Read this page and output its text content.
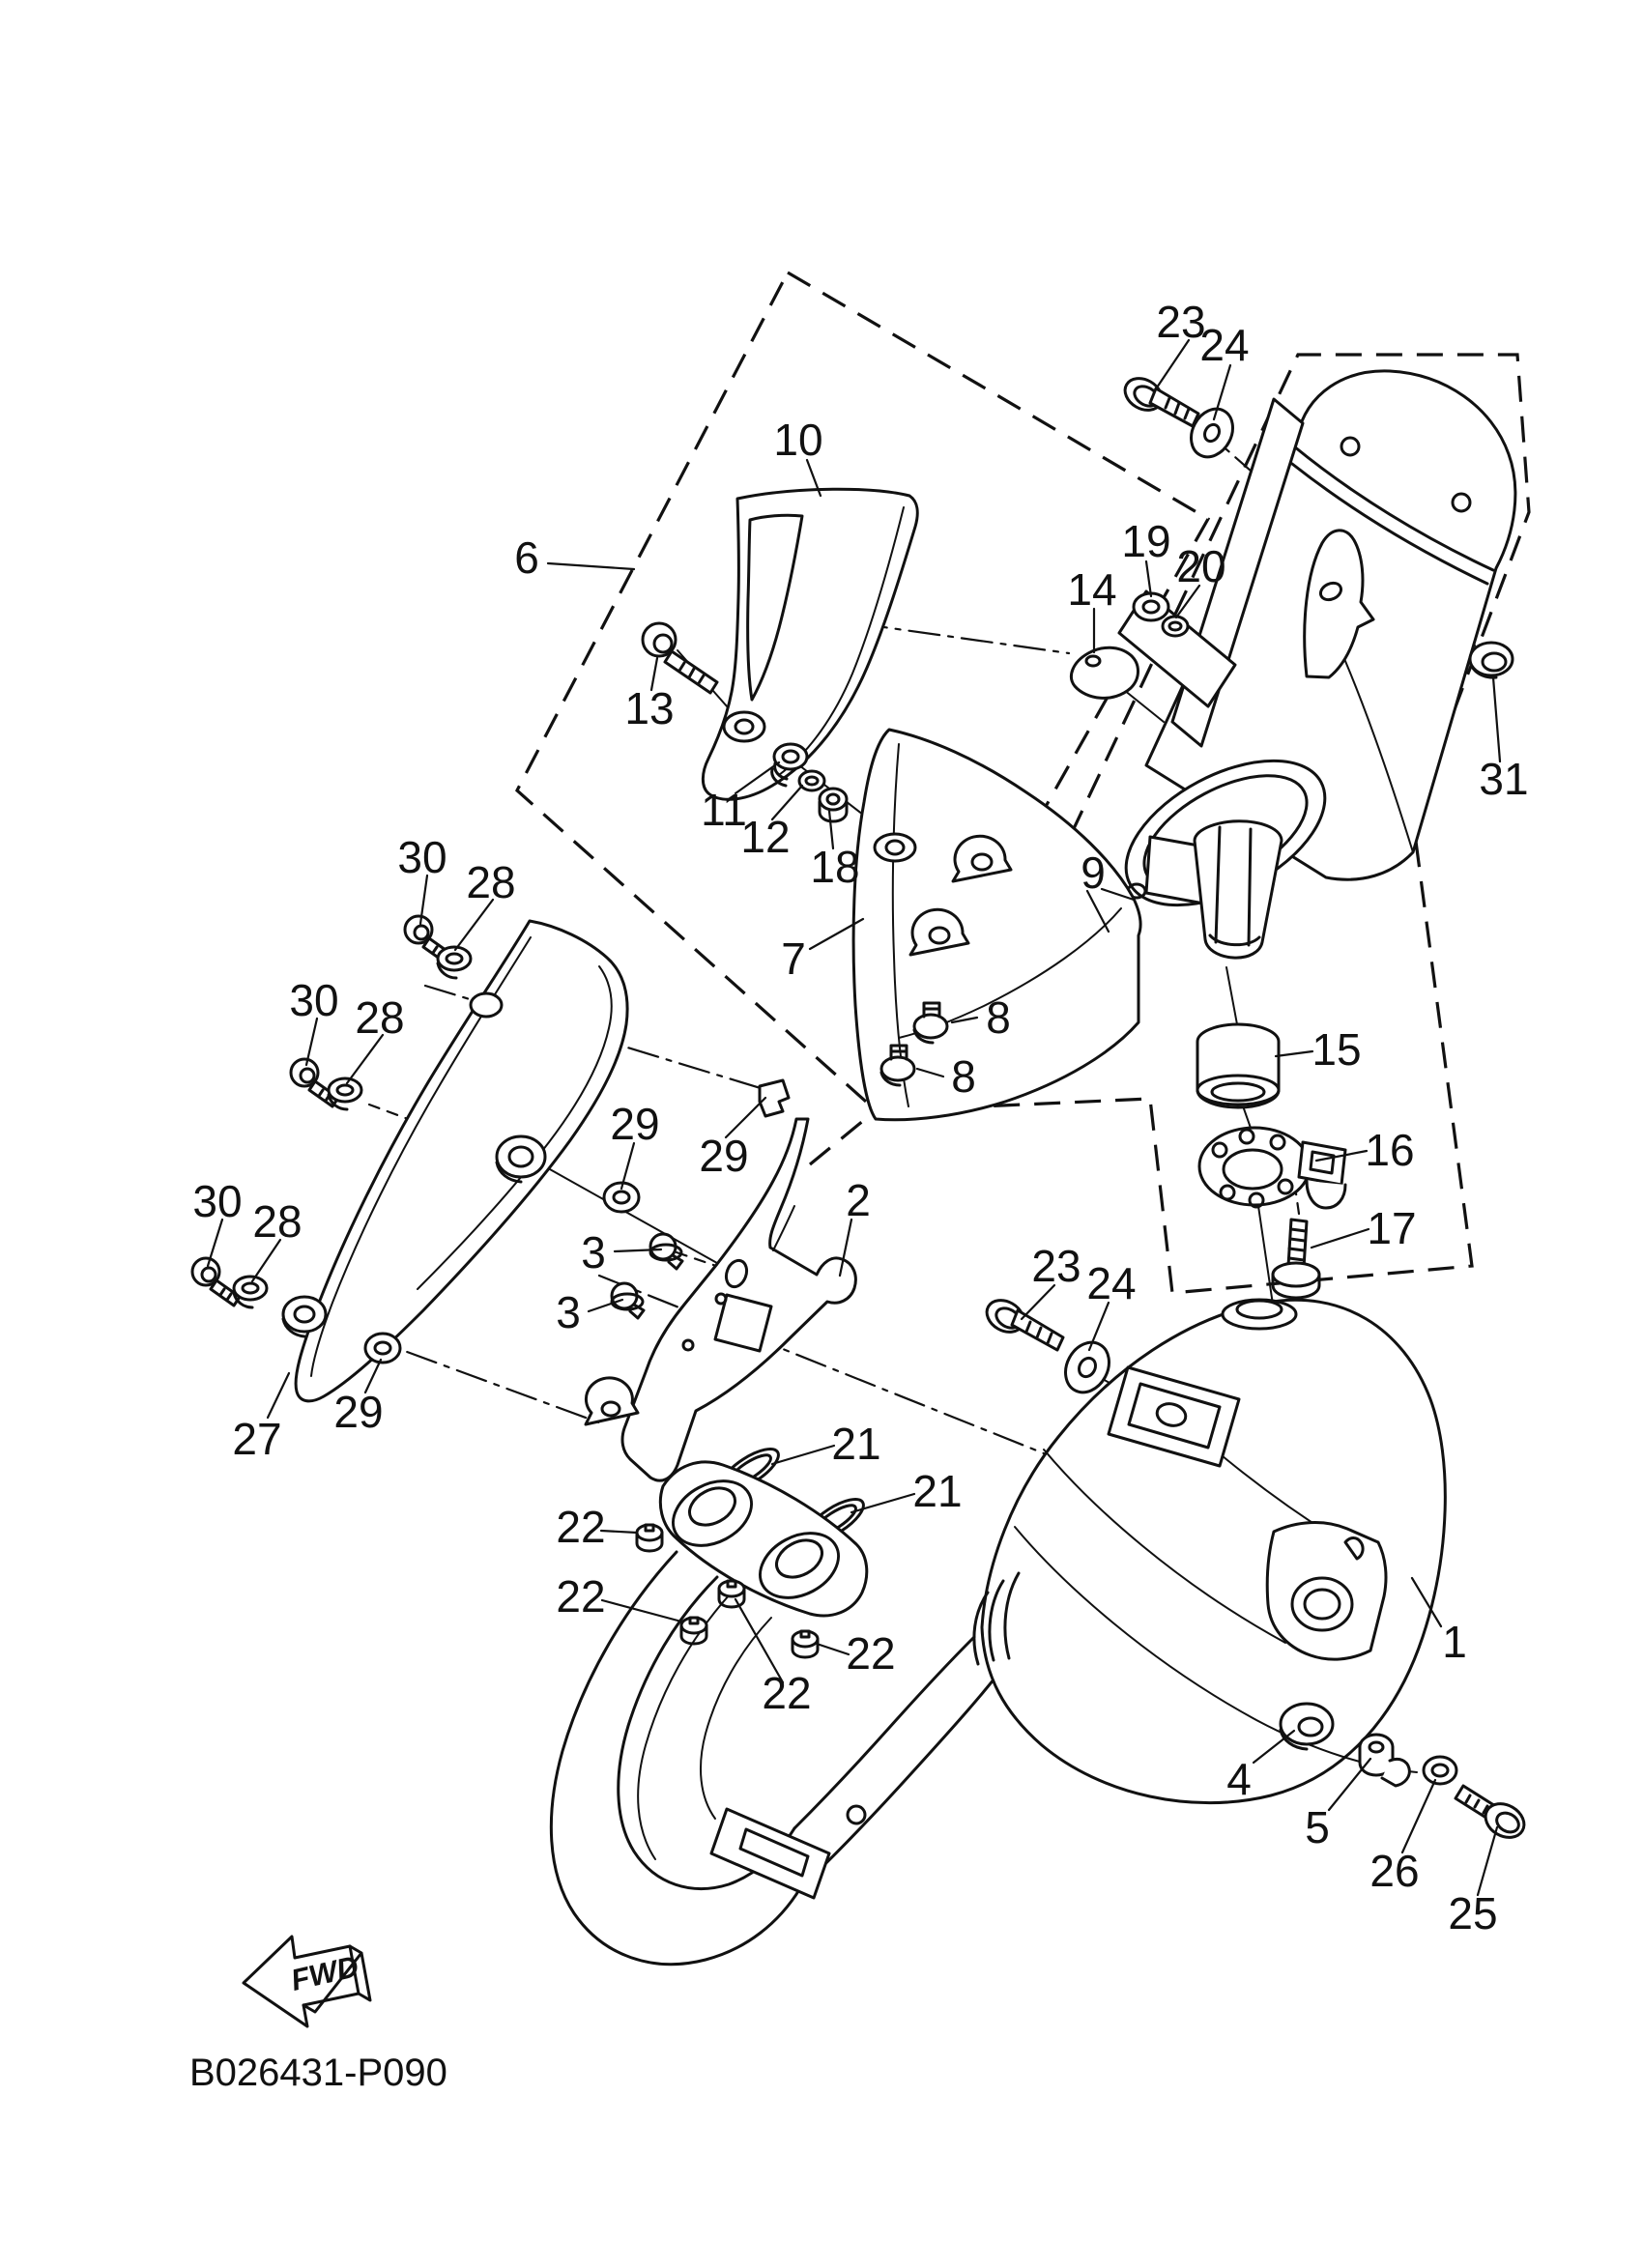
FWD
23
24
10
6	19 20
14
13
31
11
12
18	9
30 28
7
30 28	8
15
8
29
16
29
30	2
28	17
3	23 24
3
29
27	21
21
22
22
22
22
1
4
5
26
25
B026431-P090
